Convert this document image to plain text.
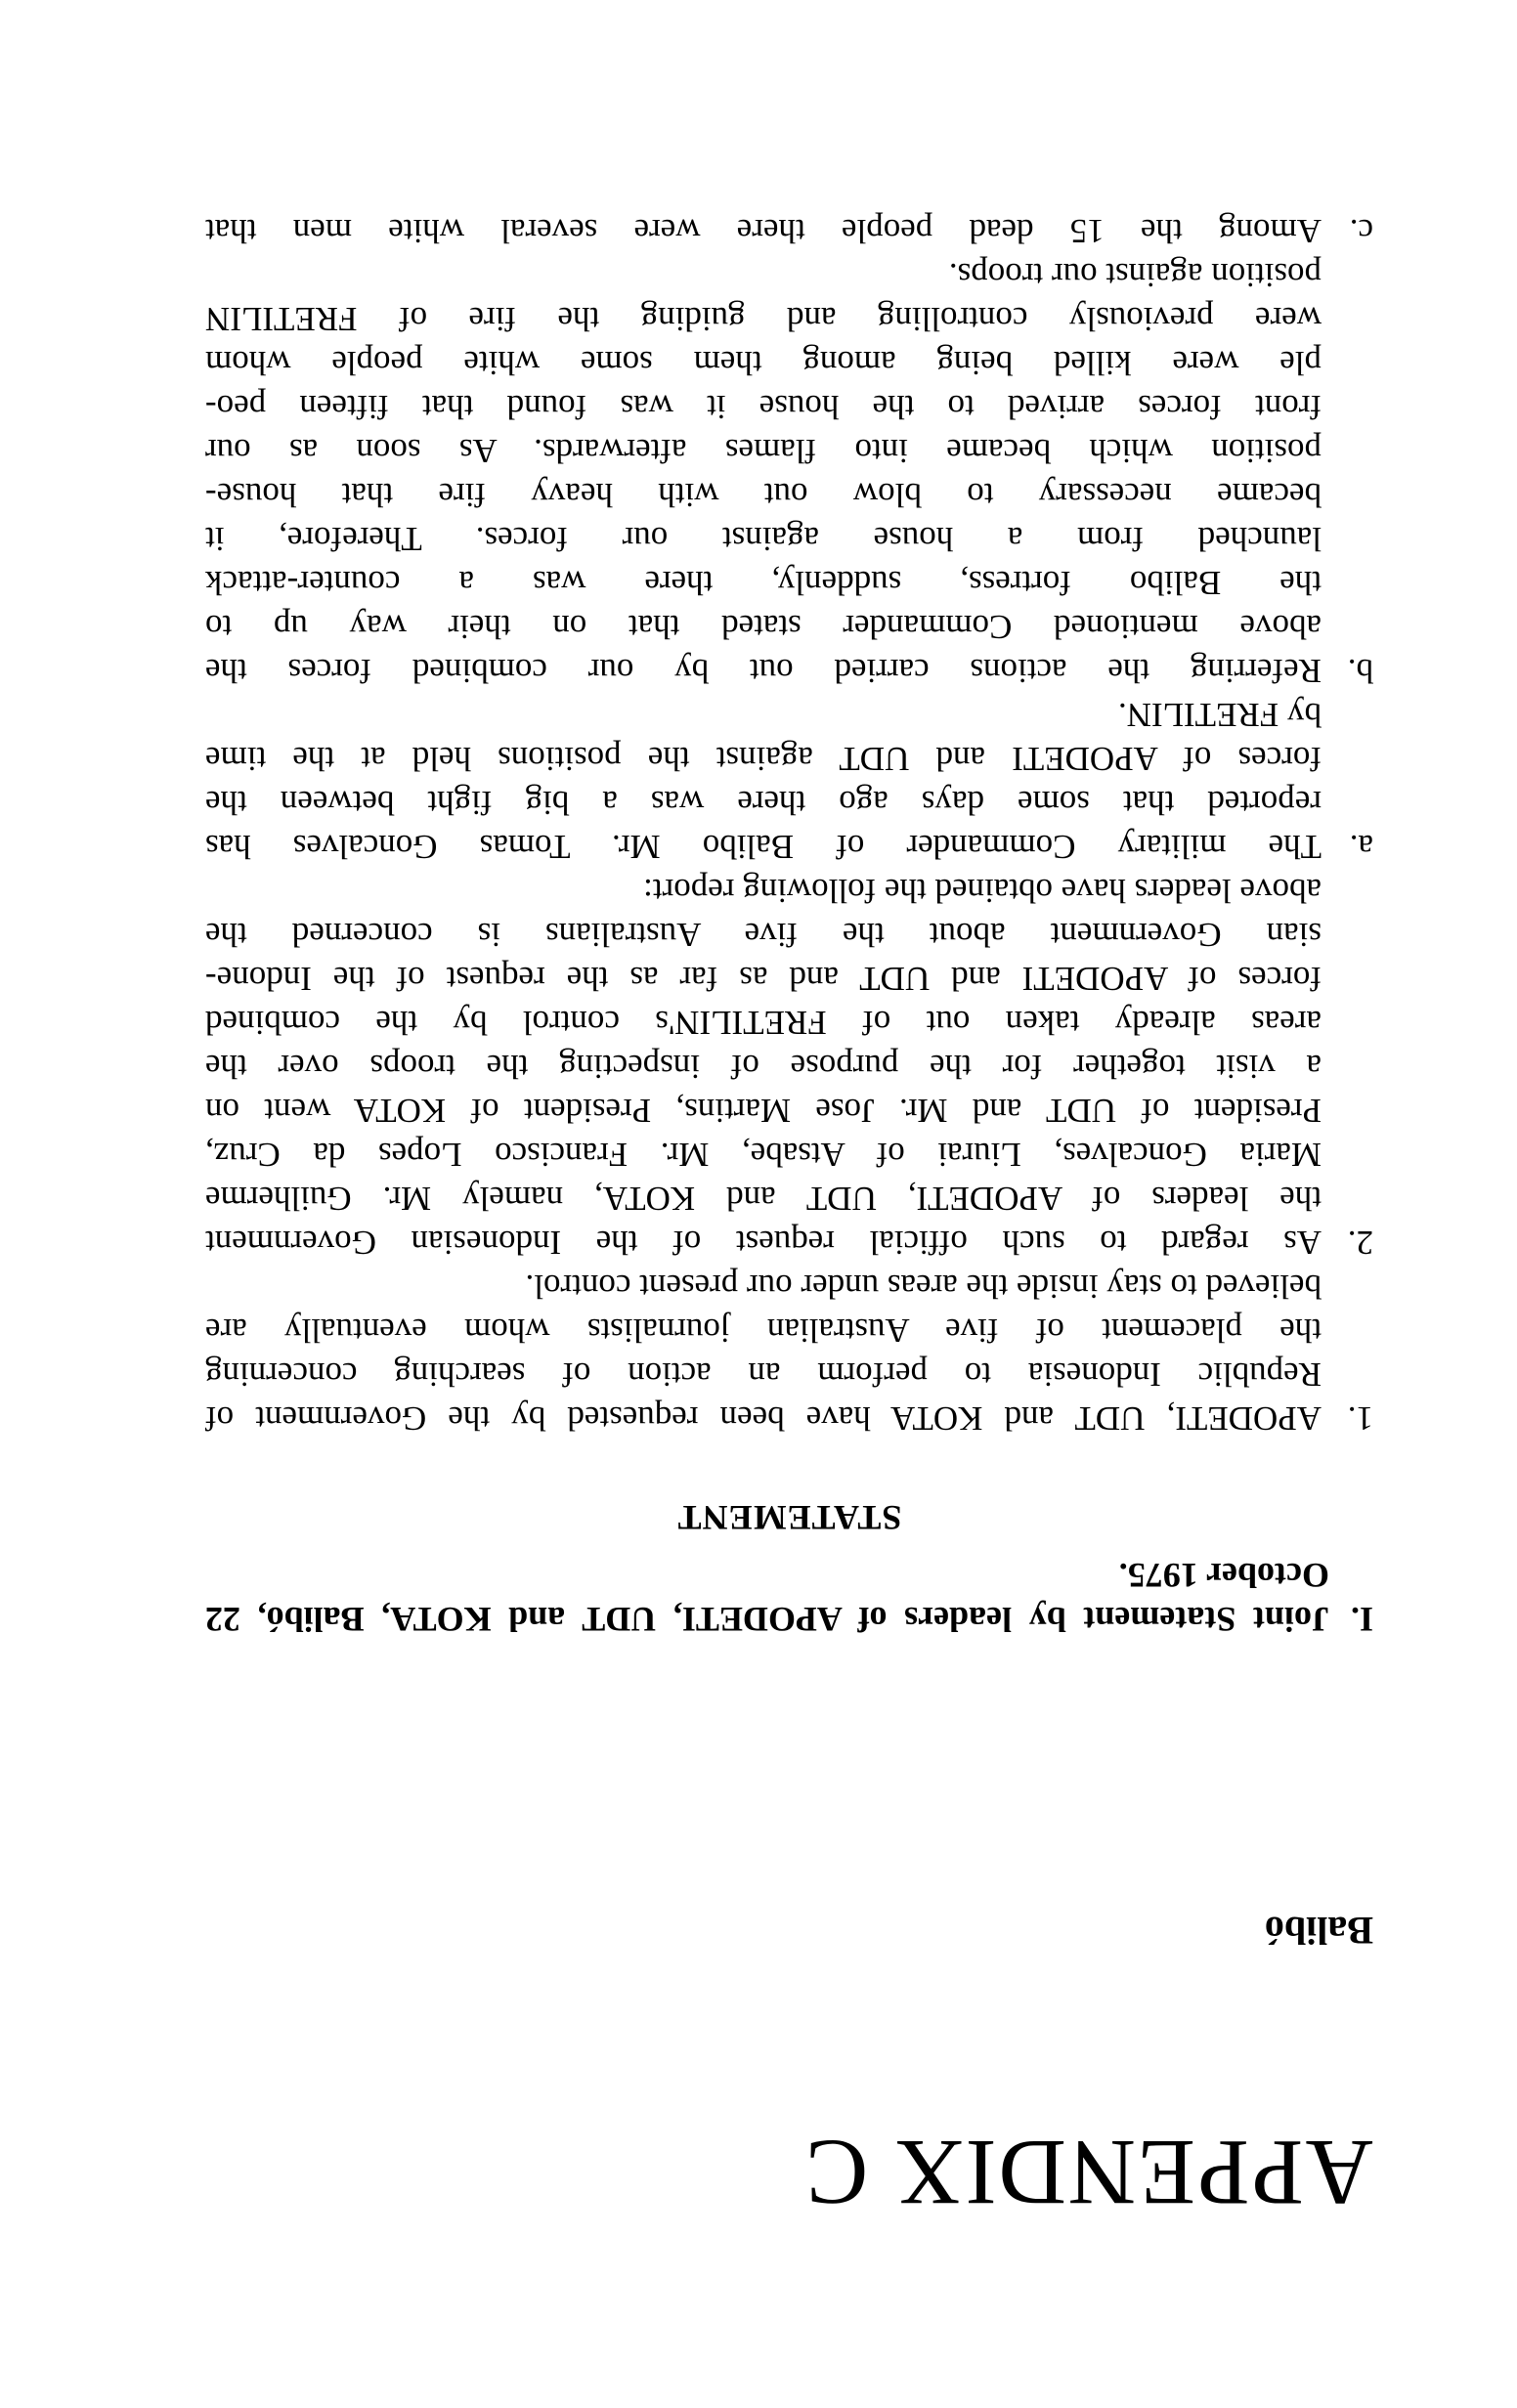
APPENDIX C
Balibó
I.
Joint Statement by leaders of APODETI, UDT and KOTA, Balibó, 22
October 1975.
STATEMENT
1.
APODETI, UDT and KOTA have been requested by the Government of
Republic Indonesia to perform an action of searching concerning
the placement of five Australian journalists whom eventually are
believed to stay inside the areas under our present control.
2.
As regard to such official request of the Indonesian Government
the leaders of APODETI, UDT and KOTA, namely Mr. Guilherme
Maria Goncalves, Liurai of Atsabe, Mr. Francisco Lopes da Cruz,
President of UDT and Mr. Jose Martins, President of KOTA went on
a visit together for the purpose of inspecting the troops over the
areas already taken out of FRETILIN's control by the combined
forces of APODETI and UDT and as far as the request of the Indone-
sian Government about the five Australians is concerned the
above leaders have obtained the following report:
a.
The military Commander of Balibo Mr. Tomas Goncalves has
reported that some days ago there was a big fight between the
forces of APODETI and UDT against the positions held at the time
by FRETILIN.
b.
Referring the actions carried out by our combined forces the
above mentioned Commander stated that on their way up to
the Balibo fortress, suddenly, there was a counter-attack
launched from a house against our forces. Therefore, it
became necessary to blow out with heavy fire that house-
position which became into flames afterwards. As soon as our
front forces arrived to the house it was found that fifteen peo-
ple were killed being among them some white people whom
were previously controlling and guiding the fire of FRETILIN
position against our troops.
c.
Among the 15 dead people there were several white men that
